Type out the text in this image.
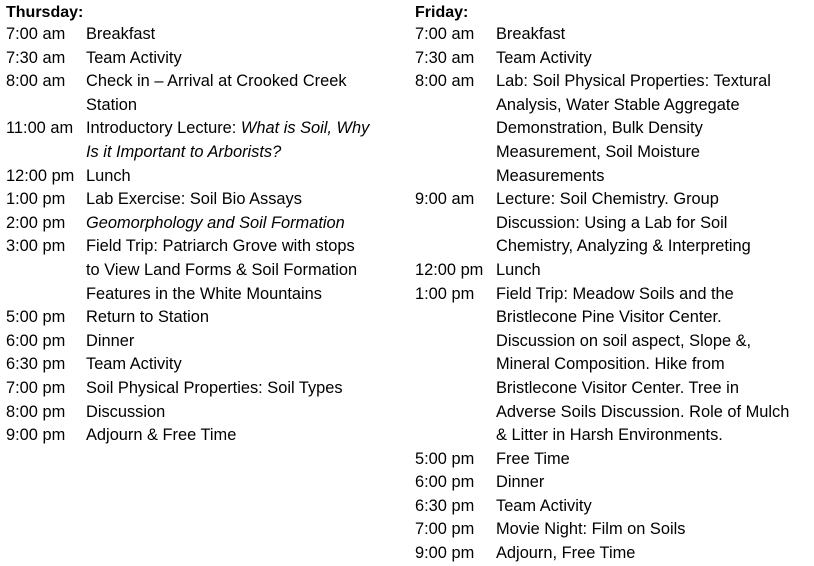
Thursday:
7:00 am Breakfast
7:30 am Team Activity
8:00 am Check in – Arrival at Crooked Creek
Station
11:00 am Introductory Lecture: What is Soil, Why
Is it Important to Arborists?
12:00 pm Lunch
1:00 pm Lab Exercise: Soil Bio Assays
2:00 pm Geomorphology and Soil Formation
3:00 pm Field Trip: Patriarch Grove with stops
to View Land Forms & Soil Formation
Features in the White Mountains
5:00 pm Return to Station
6:00 pm Dinner
6:30 pm Team Activity
7:00 pm Soil Physical Properties: Soil Types
8:00 pm Discussion
9:00 pm Adjourn & Free Time
Friday:
7:00 am Breakfast
7:30 am Team Activity
8:00 am Lab: Soil Physical Properties: Textural
Analysis, Water Stable Aggregate
Demonstration, Bulk Density
Measurement, Soil Moisture
Measurements
9:00 am Lecture: Soil Chemistry. Group
Discussion: Using a Lab for Soil
Chemistry, Analyzing & Interpreting
12:00 pm Lunch
1:00 pm Field Trip: Meadow Soils and the
Bristlecone Pine Visitor Center.
Discussion on soil aspect, Slope &,
Mineral Composition. Hike from
Bristlecone Visitor Center. Tree in
Adverse Soils Discussion. Role of Mulch
& Litter in Harsh Environments.
5:00 pm Free Time
6:00 pm Dinner
6:30 pm Team Activity
7:00 pm Movie Night: Film on Soils
9:00 pm Adjourn, Free Time
